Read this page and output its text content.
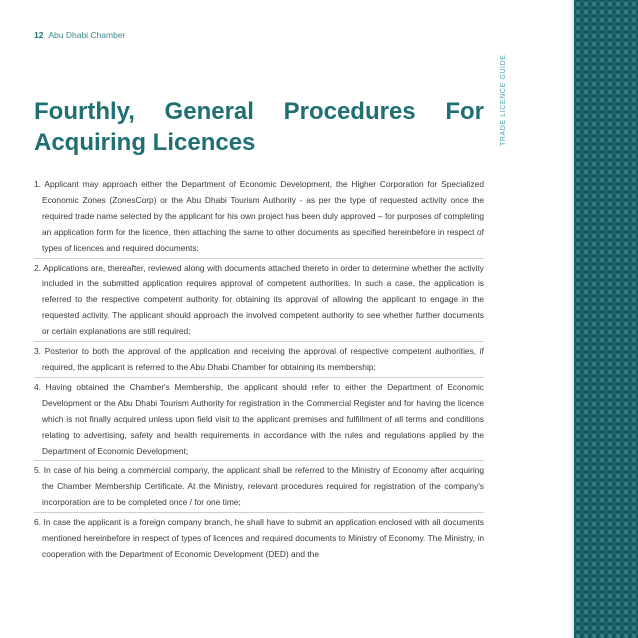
12 Abu Dhabi Chamber
Fourthly, General Procedures For Acquiring Licences
1. Applicant may approach either the Department of Economic Development, the Higher Corporation for Specialized Economic Zones (ZonesCorp) or the Abu Dhabi Tourism Authority - as per the type of requested activity once the required trade name selected by the applicant for his own project has been duly approved – for purposes of completing an application form for the licence, then attaching the same to other documents as specified hereinbefore in respect of types of licences and required documents;
2. Applications are, thereafter, reviewed along with documents attached thereto in order to determine whether the activity included in the submitted application requires approval of competent authorities. In such a case, the application is referred to the respective competent authority for obtaining its approval of allowing the applicant to engage in the requested activity. The applicant should approach the involved competent authority to see whether further documents or certain explanations are still required;
3. Posterior to both the approval of the application and receiving the approval of respective competent authorities, if required, the applicant is referred to the Abu Dhabi Chamber for obtaining its membership;
4. Having obtained the Chamber's Membership, the applicant should refer to either the Department of Economic Development or the Abu Dhabi Tourism Authority for registration in the Commercial Register and for having the licence which is not finally acquired unless upon field visit to the applicant premises and fulfillment of all terms and conditions relating to advertising, safety and health requirements in accordance with the rules and regulations applied by the Department of Economic Development;
5. In case of his being a commercial company, the applicant shall be referred to the Ministry of Economy after acquiring the Chamber Membership Certificate. At the Ministry, relevant procedures required for registration of the company's incorporation are to be completed once / for one time;
6. In case the applicant is a foreign company branch, he shall have to submit an application enclosed with all documents mentioned hereinbefore in respect of types of licences and required documents to Ministry of Economy. The Ministry, in cooperation with the Department of Economic Development (DED) and the
TRADE LICENCE GUIDE
